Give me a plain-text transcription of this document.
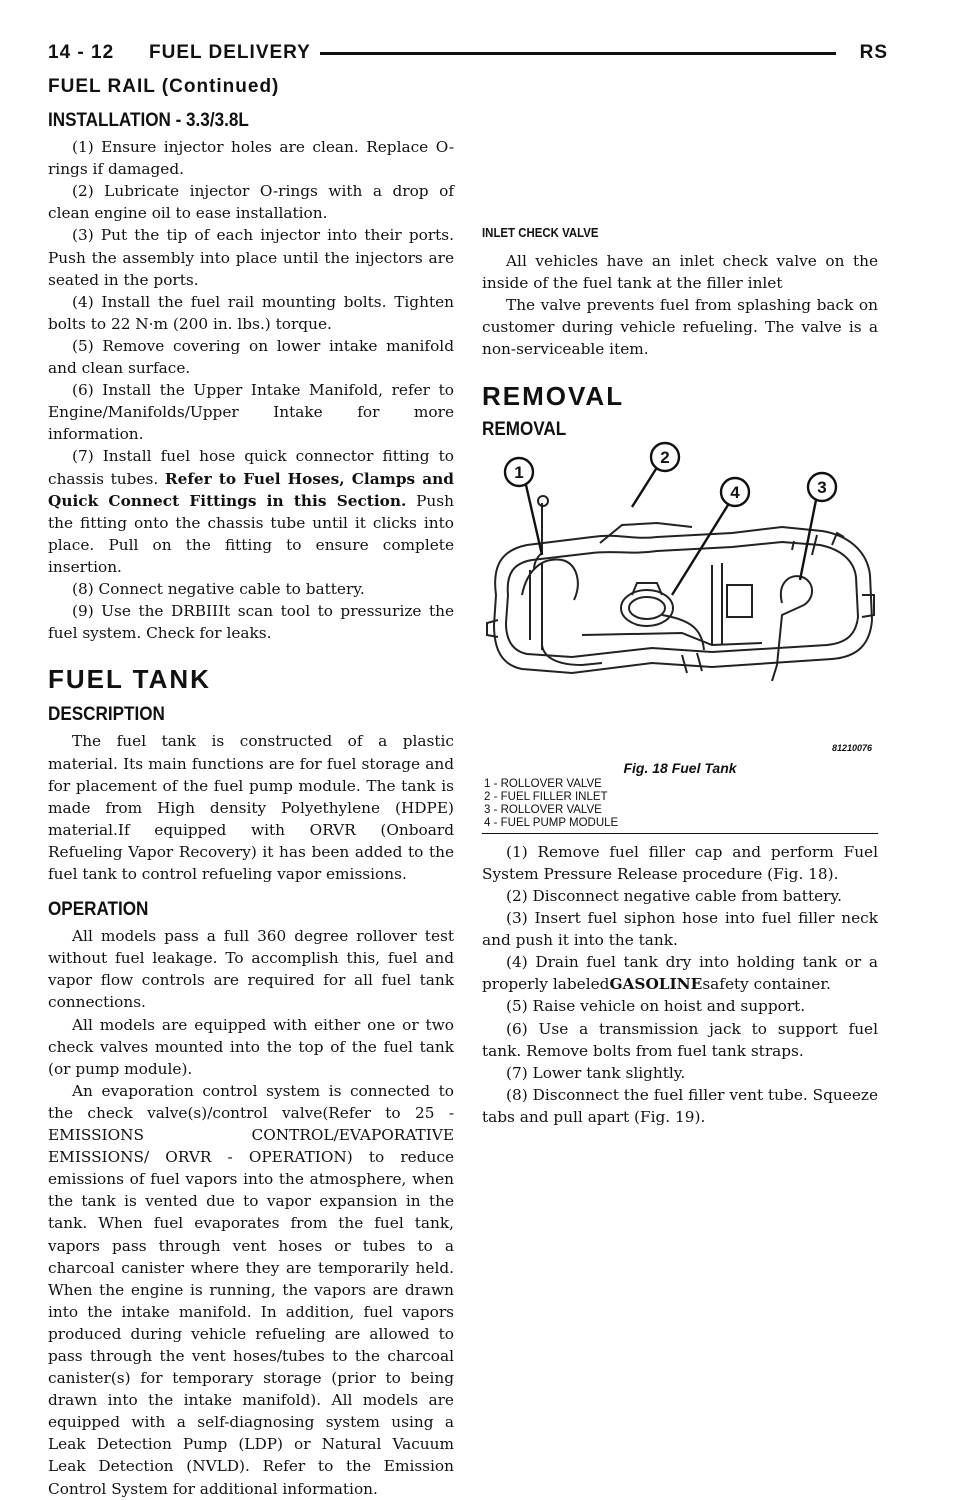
14 - 12 FUEL DELIVERY	RS
FUEL RAIL (Continued)
INSTALLATION - 3.3/3.8L

(1) Ensure injector holes are clean. Replace O-rings if damaged.

(2) Lubricate injector O-rings with a drop of clean engine oil to ease installation.

(3) Put the tip of each injector into their ports. Push the assembly into place until the injectors are seated in the ports.

(4) Install the fuel rail mounting bolts. Tighten bolts to 22 N·m (200 in. lbs.) torque.

(5) Remove covering on lower intake manifold and clean surface.

(6) Install the Upper Intake Manifold, refer to Engine/Manifolds/Upper Intake for more information.

(7) Install fuel hose quick connector fitting to chassis tubes. Refer to Fuel Hoses, Clamps and Quick Connect Fittings in this Section. Push the fitting onto the chassis tube until it clicks into place. Pull on the fitting to ensure complete insertion.

(8) Connect negative cable to battery.

(9) Use the DRBIIIt scan tool to pressurize the fuel system. Check for leaks.

FUEL TANK
DESCRIPTION

The fuel tank is constructed of a plastic material. Its main functions are for fuel storage and for placement of the fuel pump module. The tank is made from High density Polyethylene (HDPE) material.If equipped with ORVR (Onboard Refueling Vapor Recovery) it has been added to the fuel tank to control refueling vapor emissions.

OPERATION

All models pass a full 360 degree rollover test without fuel leakage. To accomplish this, fuel and vapor flow controls are required for all fuel tank connections.

All models are equipped with either one or two check valves mounted into the top of the fuel tank (or pump module).

An evaporation control system is connected to the check valve(s)/control valve(Refer to 25 - EMISSIONS CONTROL/EVAPORATIVE EMISSIONS/ ORVR - OPERATION) to reduce emissions of fuel vapors into the atmosphere, when the tank is vented due to vapor expansion in the tank. When fuel evaporates from the fuel tank, vapors pass through vent hoses or tubes to a charcoal canister where they are temporarily held. When the engine is running, the vapors are drawn into the intake manifold. In addition, fuel vapors produced during vehicle refueling are allowed to pass through the vent hoses/tubes to the charcoal canister(s) for temporary storage (prior to being drawn into the intake manifold). All models are equipped with a self-diagnosing system using a Leak Detection Pump (LDP) or Natural Vacuum Leak Detection (NVLD). Refer to the Emission Control System for additional information.

INLET CHECK VALVE

All vehicles have an inlet check valve on the inside of the fuel tank at the filler inlet

The valve prevents fuel from splashing back on customer during vehicle refueling. The valve is a non-serviceable item.

REMOVAL
REMOVAL
1
2
4	3
81210076
Fig. 18 Fuel Tank
1 - ROLLOVER VALVE
2 - FUEL FILLER INLET
3 - ROLLOVER VALVE
4 - FUEL PUMP MODULE

(1) Remove fuel filler cap and perform Fuel System Pressure Release procedure (Fig. 18).

(2) Disconnect negative cable from battery.

(3) Insert fuel siphon hose into fuel filler neck and push it into the tank.

(4) Drain fuel tank dry into holding tank or a properly labeledGASOLINEsafety container.

(5) Raise vehicle on hoist and support.

(6) Use a transmission jack to support fuel tank. Remove bolts from fuel tank straps.

(7) Lower tank slightly.

(8) Disconnect the fuel filler vent tube. Squeeze tabs and pull apart (Fig. 19).
